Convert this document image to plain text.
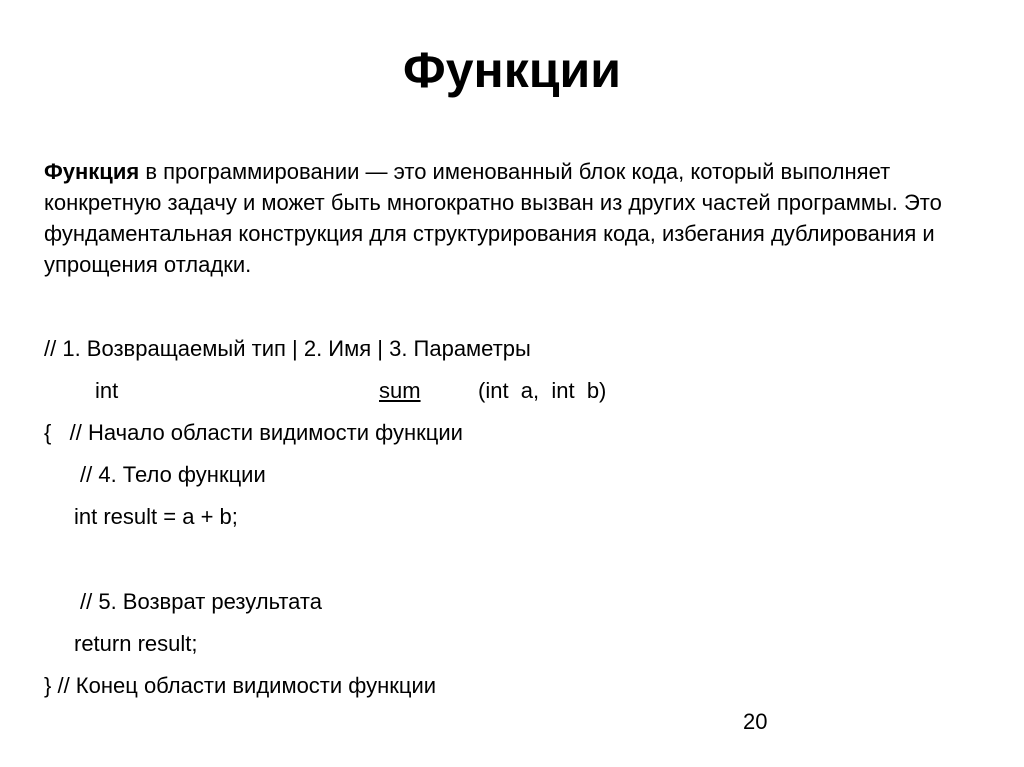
Функции

Функция в программировании — это именованный блок кода, который выполняет конкретную задачу и может быть многократно вызван из других частей программы. Это фундаментальная конструкция для структурирования кода, избегания дублирования и упрощения отладки.

// 1. Возвращаемый тип | 2. Имя | 3. Параметры
int	sum	(int  a,  int  b)
{   // Начало области видимости функции
// 4. Тело функции
int result = a + b;
// 5. Возврат результата
return result;
} // Конец области видимости функции
20
